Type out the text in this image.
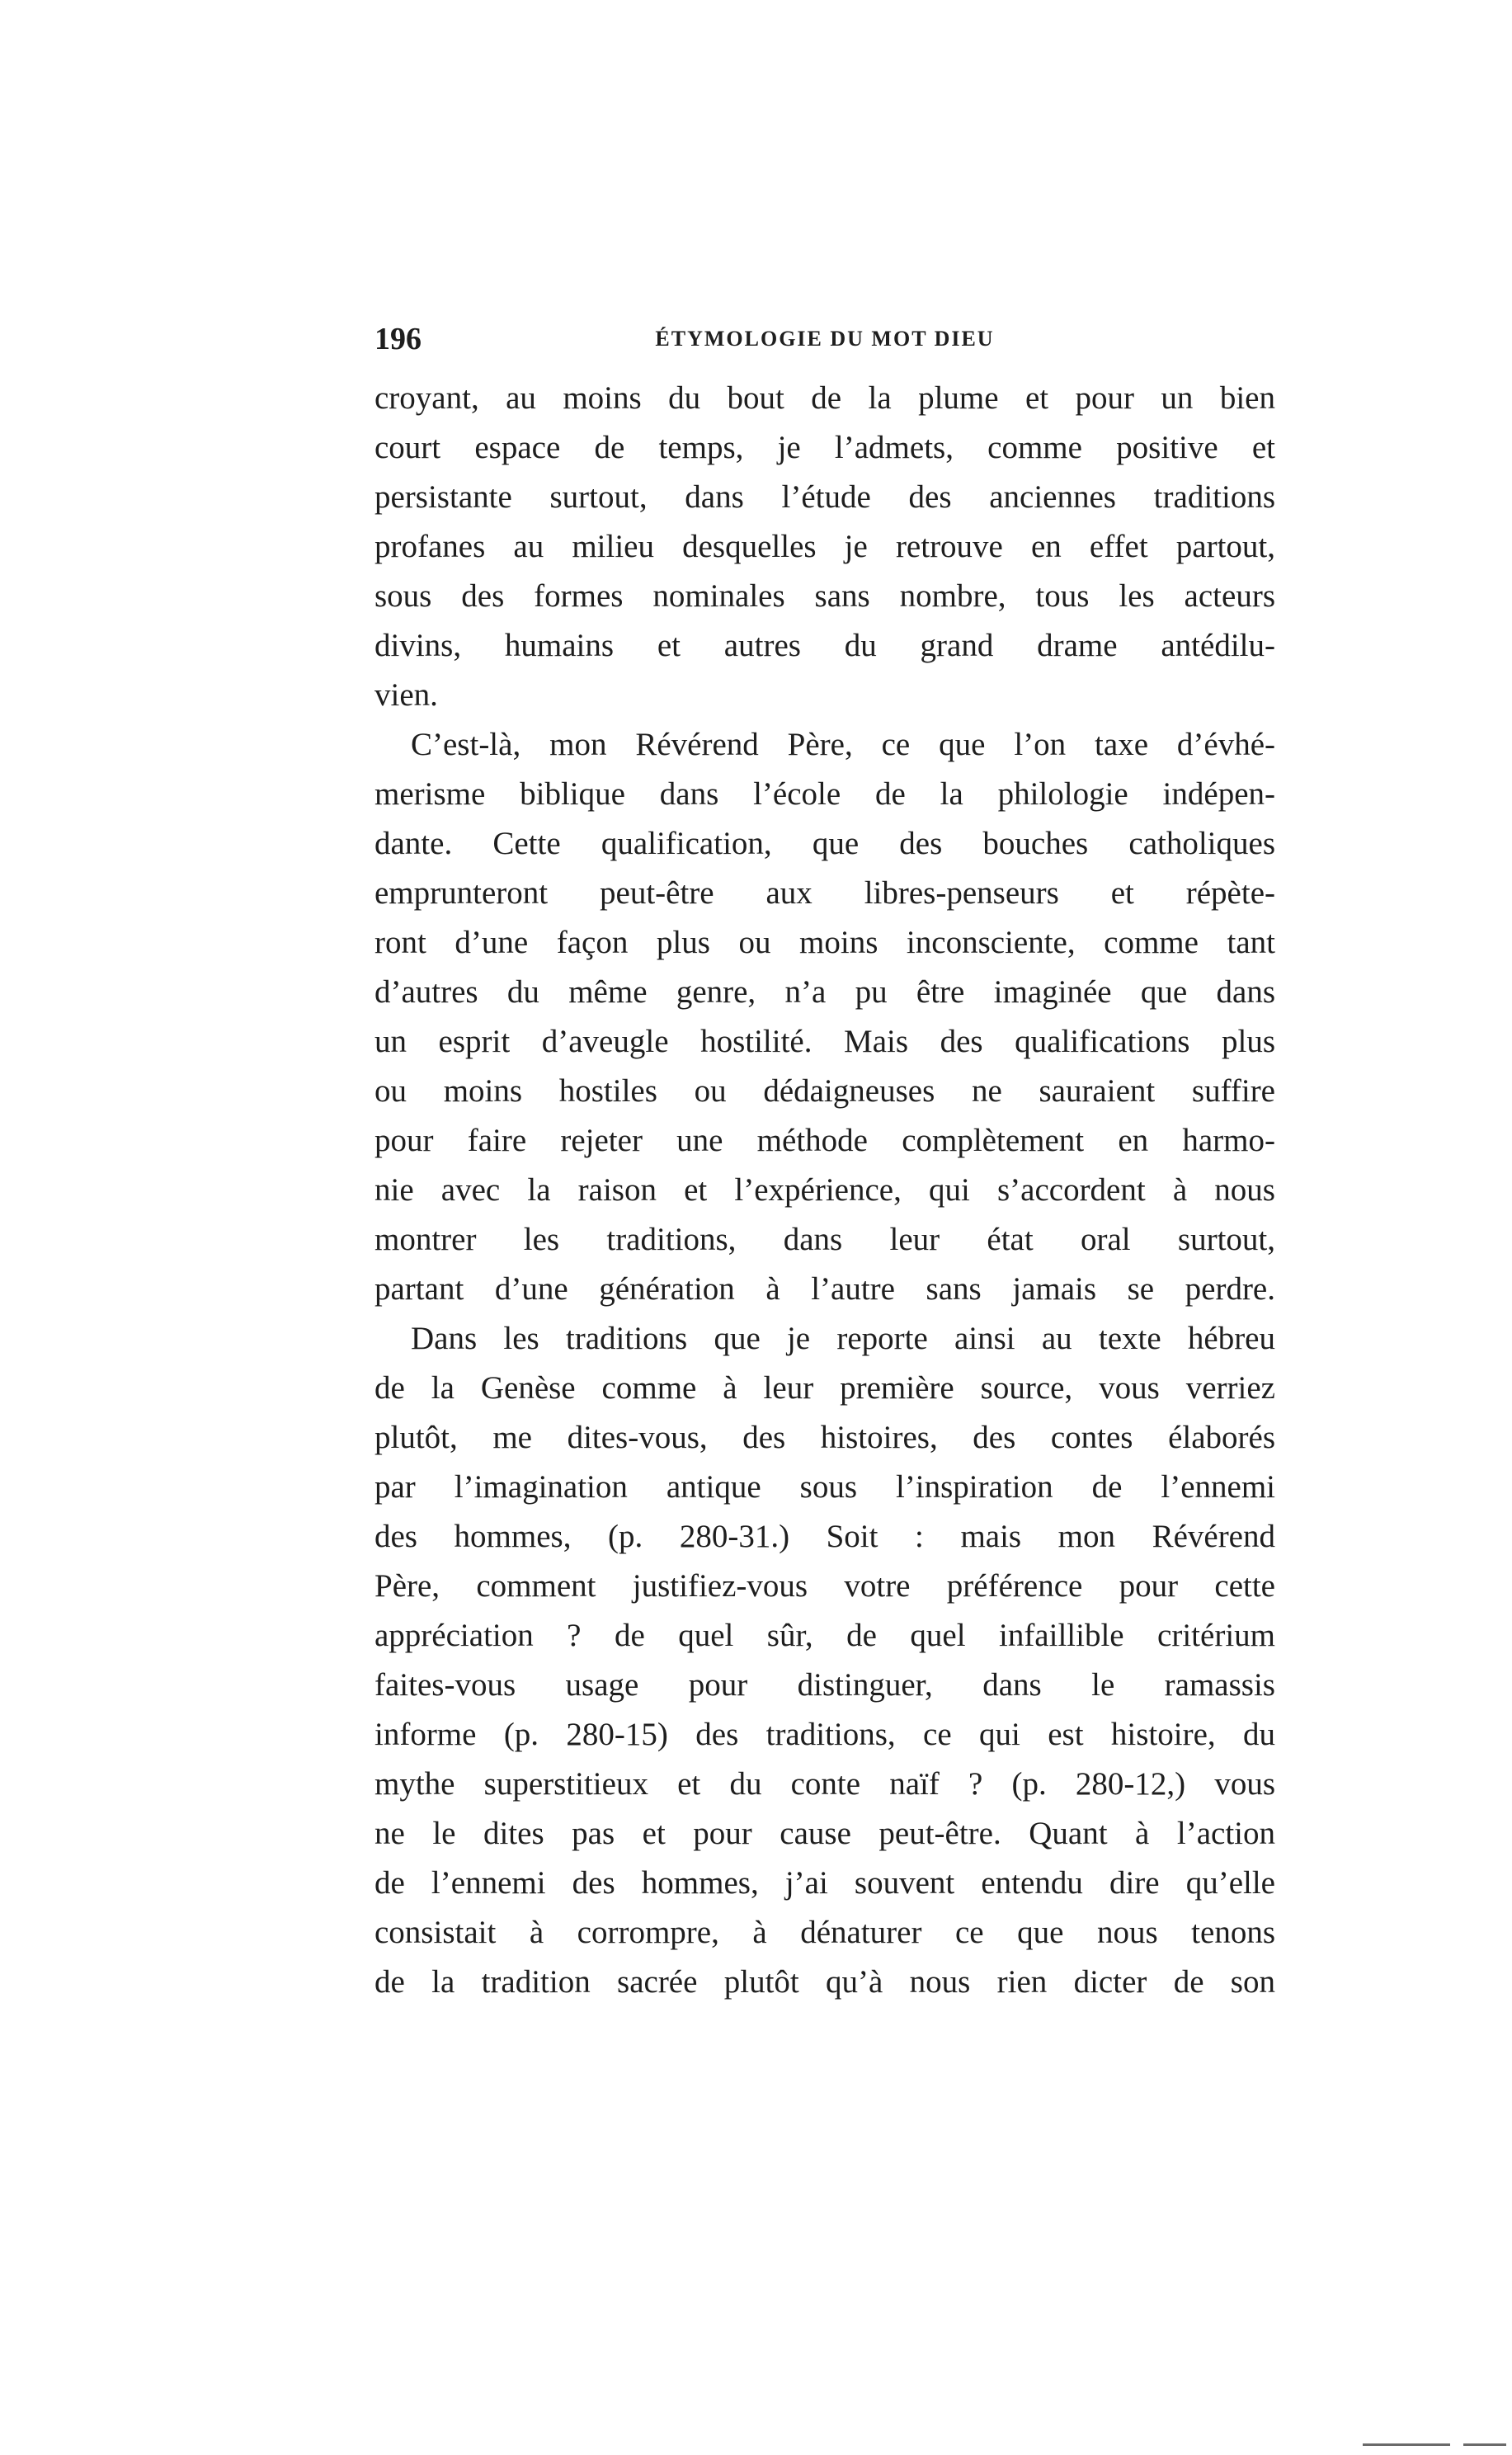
196	ÉTYMOLOGIE DU MOT DIEU
croyant, au moins du bout de la plume et pour un bien
court espace de temps, je l’admets, comme positive et
persistante surtout, dans l’étude des anciennes traditions
profanes au milieu desquelles je retrouve en effet partout,
sous des formes nominales sans nombre, tous les acteurs
divins, humains et autres du grand drame antédilu-
vien.
C’est-là, mon Révérend Père, ce que l’on taxe d’évhé-
merisme biblique dans l’école de la philologie indépen-
dante. Cette qualification, que des bouches catholiques
emprunteront peut-être aux libres-penseurs et répète-
ront d’une façon plus ou moins inconsciente, comme tant
d’autres du même genre, n’a pu être imaginée que dans
un esprit d’aveugle hostilité. Mais des qualifications plus
ou moins hostiles ou dédaigneuses ne sauraient suffire
pour faire rejeter une méthode complètement en harmo-
nie avec la raison et l’expérience, qui s’accordent à nous
montrer les traditions, dans leur état oral surtout,
partant d’une génération à l’autre sans jamais se perdre.
Dans les traditions que je reporte ainsi au texte hébreu
de la Genèse comme à leur première source, vous verriez
plutôt, me dites-vous, des histoires, des contes élaborés
par l’imagination antique sous l’inspiration de l’ennemi
des hommes, (p. 280-31.) Soit : mais mon Révérend
Père, comment justifiez-vous votre préférence pour cette
appréciation ? de quel sûr, de quel infaillible critérium
faites-vous usage pour distinguer, dans le ramassis
informe (p. 280-15) des traditions, ce qui est histoire, du
mythe superstitieux et du conte naïf ? (p. 280-12,) vous
ne le dites pas et pour cause peut-être. Quant à l’action
de l’ennemi des hommes, j’ai souvent entendu dire qu’elle
consistait à corrompre, à dénaturer ce que nous tenons
de la tradition sacrée plutôt qu’à nous rien dicter de son
